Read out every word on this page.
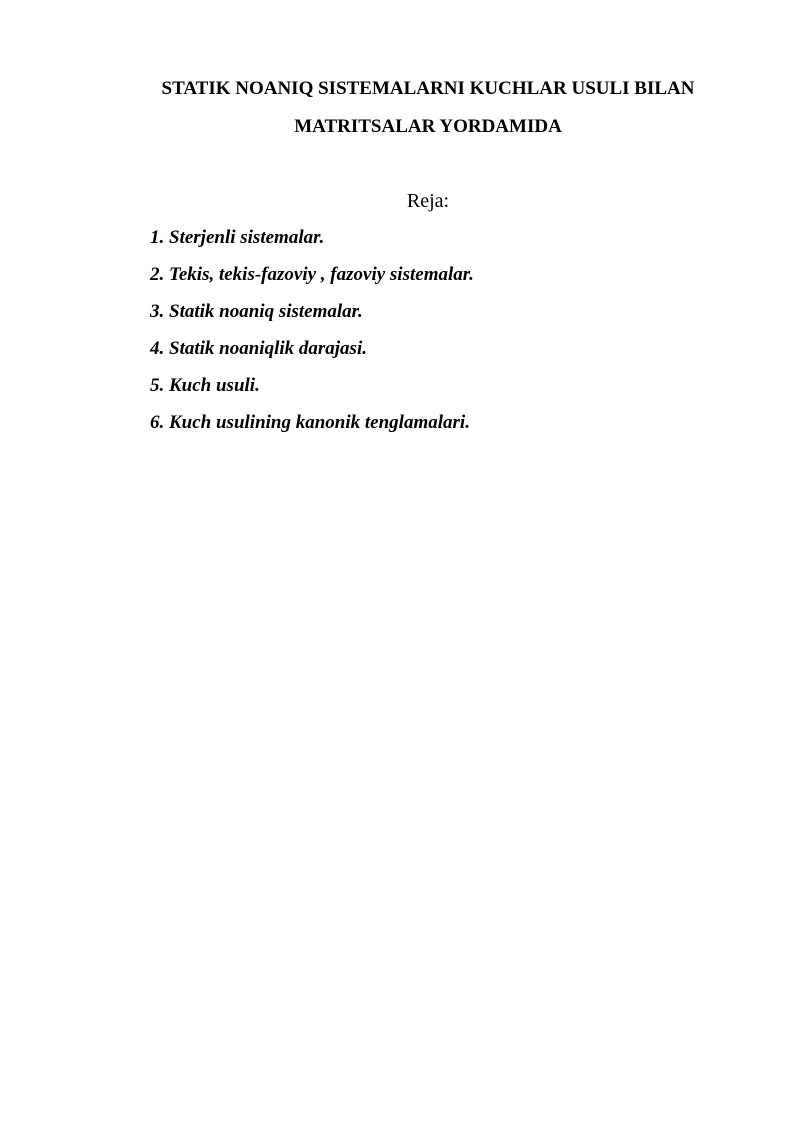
STATIK NOANIQ SISTEMALARNI KUCHLAR USULI BILAN
MATRITSALAR YORDAMIDA
Reja:
1. Sterjenli sistemalar.
2. Tekis, tekis-fazoviy , fazoviy sistemalar.
3. Statik noaniq sistemalar.
4. Statik noaniqlik darajasi.
5. Kuch usuli.
6. Kuch usulining kanonik tenglamalari.
